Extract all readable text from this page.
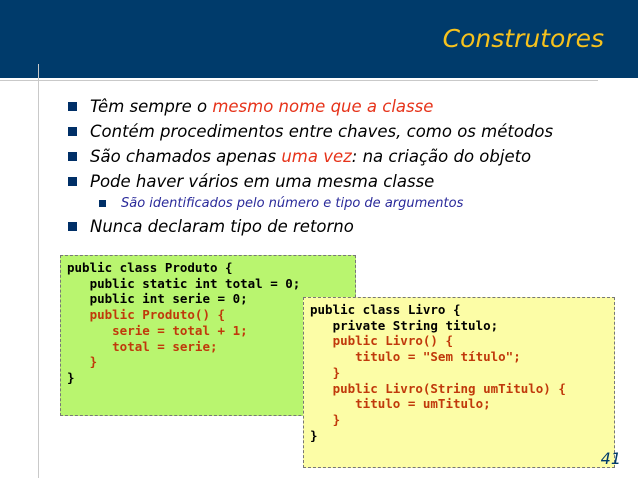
Construtores
Têm sempre o mesmo nome que a classe
Contém procedimentos entre chaves, como os métodos
São chamados apenas uma vez: na criação do objeto
Pode haver vários em uma mesma classe
São identificados pelo número e tipo de argumentos
Nunca declaram tipo de retorno
public class Produto {
public static int total = 0;
public int serie = 0;
public Produto() {
serie = total + 1;
total = serie;
}
}
public class Livro {
private String titulo;
public Livro() {
titulo = "Sem título";
}
public Livro(String umTitulo) {
titulo = umTitulo;
}
}
41
